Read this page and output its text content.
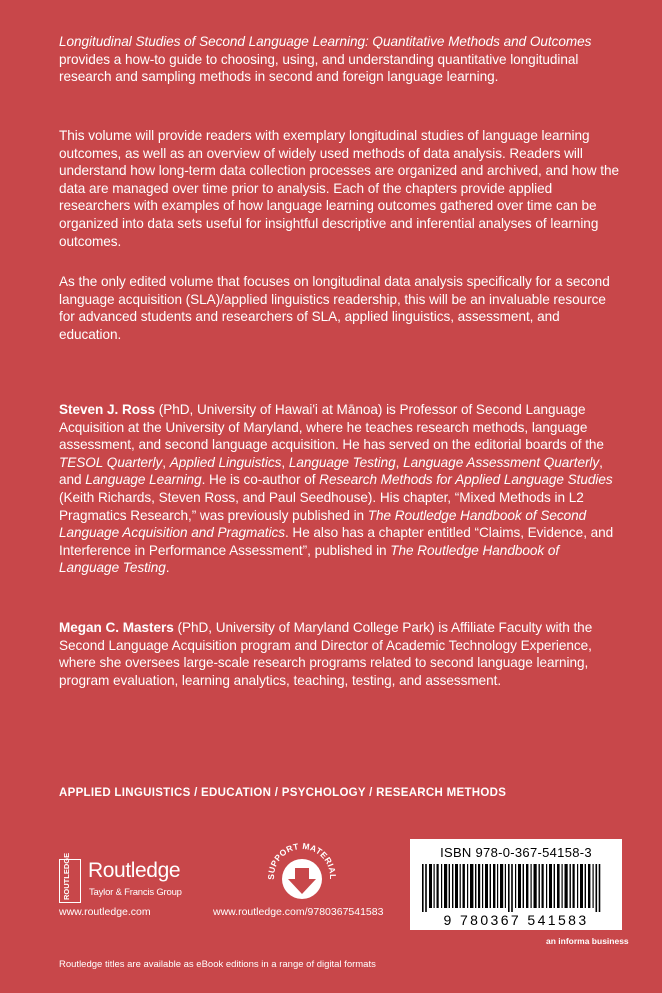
Longitudinal Studies of Second Language Learning: Quantitative Methods and Outcomes provides a how-to guide to choosing, using, and understanding quantitative longitudinal research and sampling methods in second and foreign language learning.

This volume will provide readers with exemplary longitudinal studies of language learning outcomes, as well as an overview of widely used methods of data analysis. Readers will understand how long-term data collection processes are organized and archived, and how the data are managed over time prior to analysis. Each of the chapters provide applied researchers with examples of how language learning outcomes gathered over time can be organized into data sets useful for insightful descriptive and inferential analyses of learning outcomes.

As the only edited volume that focuses on longitudinal data analysis specifically for a second language acquisition (SLA)/applied linguistics readership, this will be an invaluable resource for advanced students and researchers of SLA, applied linguistics, assessment, and education.

Steven J. Ross (PhD, University of Hawai'i at Mānoa) is Professor of Second Language Acquisition at the University of Maryland, where he teaches research methods, language assessment, and second language acquisition. He has served on the editorial boards of the TESOL Quarterly, Applied Linguistics, Language Testing, Language Assessment Quarterly, and Language Learning. He is co-author of Research Methods for Applied Language Studies (Keith Richards, Steven Ross, and Paul Seedhouse). His chapter, “Mixed Methods in L2 Pragmatics Research,” was previously published in The Routledge Handbook of Second Language Acquisition and Pragmatics. He also has a chapter entitled “Claims, Evidence, and Interference in Performance Assessment”, published in The Routledge Handbook of Language Testing.

Megan C. Masters (PhD, University of Maryland College Park) is Affiliate Faculty with the Second Language Acquisition program and Director of Academic Technology Experience, where she oversees large-scale research programs related to second language learning, program evaluation, learning analytics, teaching, testing, and assessment.

APPLIED LINGUISTICS / EDUCATION / PSYCHOLOGY / RESEARCH METHODS
ROUTLEDGE Routledge
Taylor & Francis Group
www.routledge.com
SUPPORT MATERIAL
www.routledge.com/9780367541583
ISBN 978-0-367-54158-3
9 780367 541583
an informa business
Routledge titles are available as eBook editions in a range of digital formats
